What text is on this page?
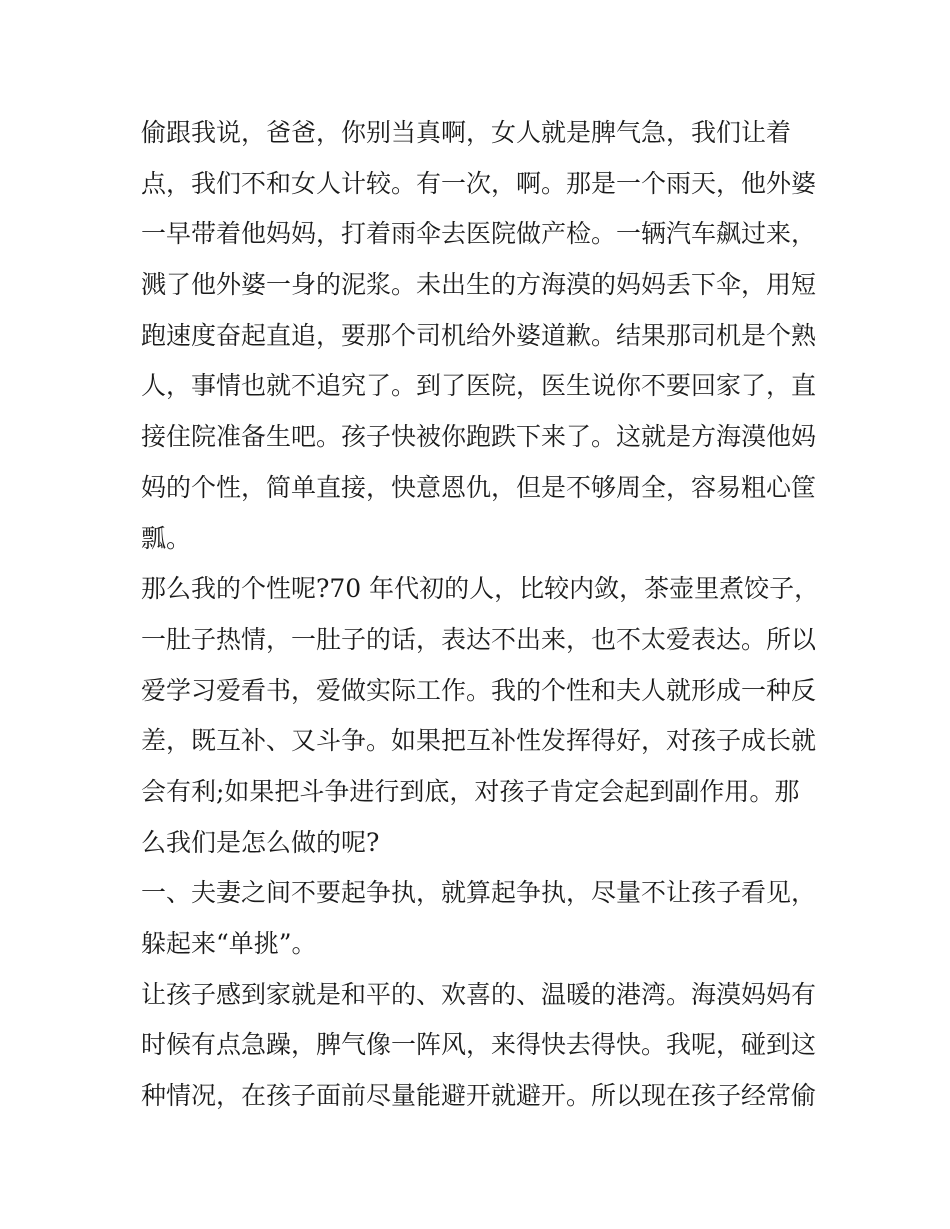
偷跟我说，爸爸，你别当真啊，女人就是脾气急，我们让着
点，我们不和女人计较。有一次，啊。那是一个雨天，他外婆
一早带着他妈妈，打着雨伞去医院做产检。一辆汽车飙过来，
溅了他外婆一身的泥浆。未出生的方海漠的妈妈丢下伞，用短
跑速度奋起直追，要那个司机给外婆道歉。结果那司机是个熟
人，事情也就不追究了。到了医院，医生说你不要回家了，直
接住院准备生吧。孩子快被你跑跌下来了。这就是方海漠他妈
妈的个性，简单直接，快意恩仇，但是不够周全，容易粗心筐
瓢。
那么我的个性呢?70 年代初的人，比较内敛，茶壶里煮饺子，
一肚子热情，一肚子的话，表达不出来，也不太爱表达。所以
爱学习爱看书，爱做实际工作。我的个性和夫人就形成一种反
差，既互补、又斗争。如果把互补性发挥得好，对孩子成长就
会有利;如果把斗争进行到底，对孩子肯定会起到副作用。那
么我们是怎么做的呢?
一、夫妻之间不要起争执，就算起争执，尽量不让孩子看见，
躲起来“单挑”。
让孩子感到家就是和平的、欢喜的、温暖的港湾。海漠妈妈有
时候有点急躁，脾气像一阵风，来得快去得快。我呢，碰到这
种情况，在孩子面前尽量能避开就避开。所以现在孩子经常偷
